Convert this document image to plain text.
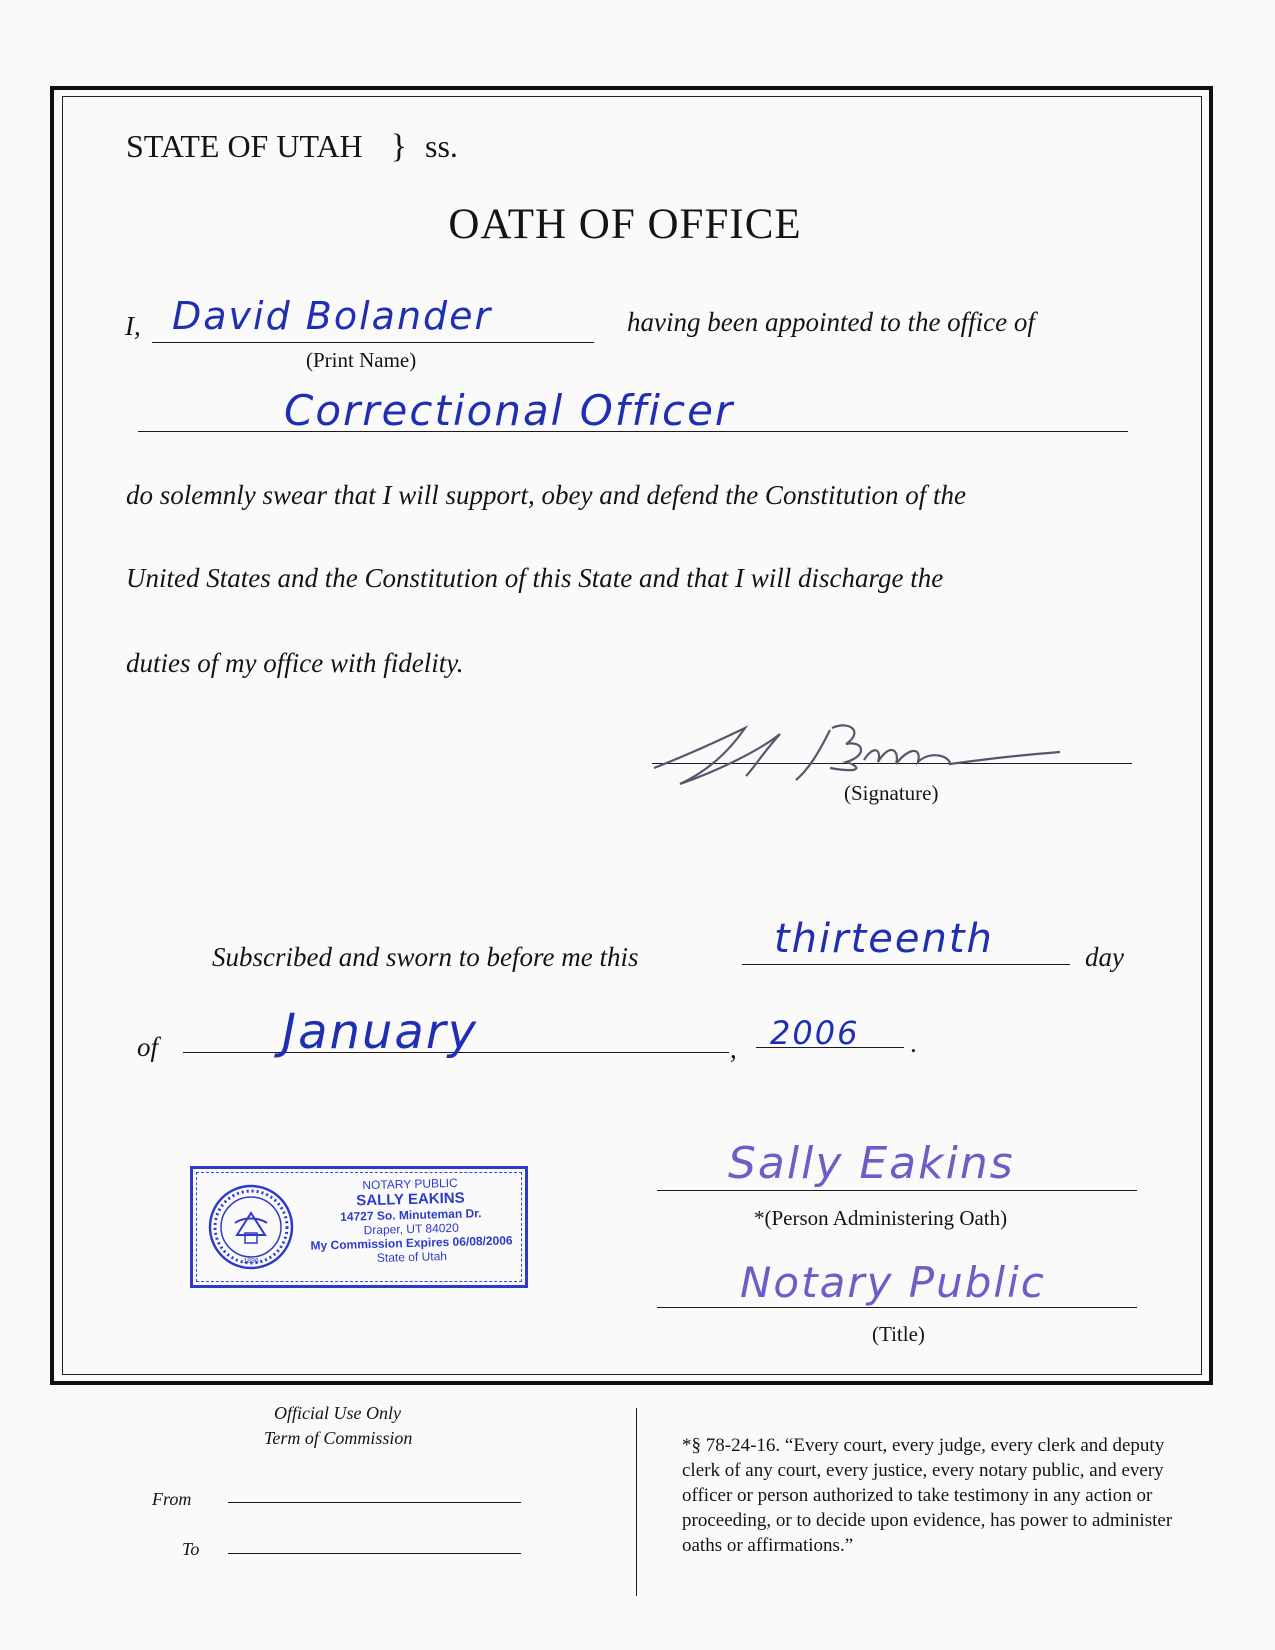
STATE OF UTAH } ss.
OATH OF OFFICE
I, David Bolander
(Print Name)
having been appointed to the office of
Correctional Officer
do solemnly swear that I will support, obey and defend the Constitution of the
United States and the Constitution of this State and that I will discharge the
duties of my office with fidelity.
(Signature)
Subscribed and sworn to before me this	thirteenth	day
of	January	, 2006 .
1896
NOTARY PUBLIC
SALLY EAKINS
14727 So. Minuteman Dr.
Draper, UT 84020
My Commission Expires 06/08/2006
State of Utah
Sally Eakins
*(Person Administering Oath)
Notary Public
(Title)
Official Use Only
Term of Commission
From
To
*§ 78-24-16. “Every court, every judge, every clerk and deputy clerk of any court, every justice, every notary public, and every officer or person authorized to take testimony in any action or proceeding, or to decide upon evidence, has power to administer oaths or affirmations.”
